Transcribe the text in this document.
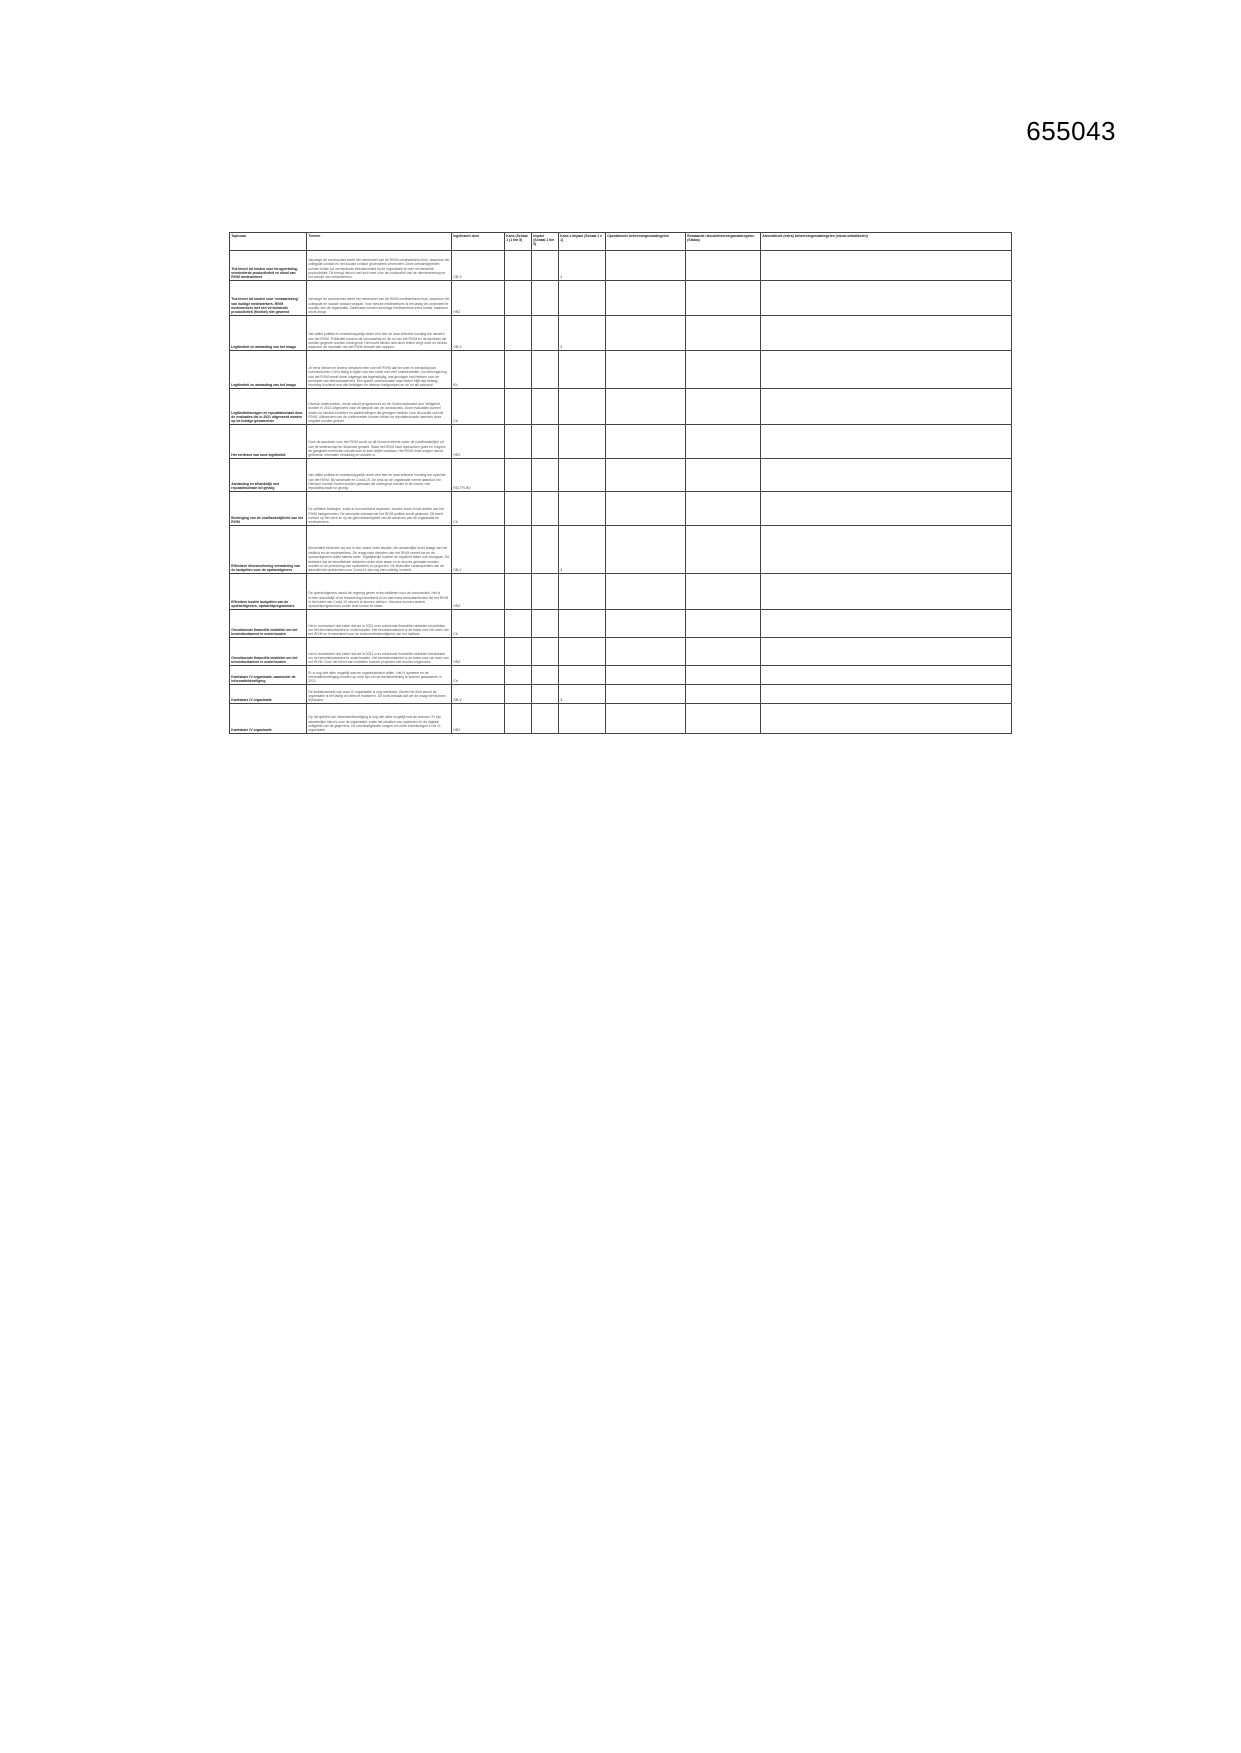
655043
Topicnaa	Termen	Ingebracht door	Kans (Schaal 1 (1 t/m 5)	Impact (Schaal 1 t/m 5)	Kans x Impact (Schaal 1 x 1)	Operationele beheersingsmaatregelen	Bestaande risicobeheersingsmaatregelen (Status)	Aanvullende (extra) beheersingsmaatregelen (nieuw ontwikkelen)
Tha teveel tot kosten voor terugvertaling, verminderde productiviteit en uitval van RIVM medewerkers	Vanwege de coronacrisis werkt het merendeel van de RIVM-medewerkers thuis, waardoor het collegiale contact en het sociale contact grotendeels vermindert. Deze omstandigheden kunnen leiden tot verminderde betrokkenheid bij de organisatie en een verminderde productiviteit. Dit brengt risico's met zich mee voor de continuïteit van de dienstverlening en het welzijn van medewerkers.	GB-V			4			
Tha teveel tot kosten voor 'verwaarlozing' van huidige medewerkers, RIVM medewerkers met een verminderde productiviteit (flexibel) niet gewenst	Vanwege de coronacrisis werkt het merendeel van de RIVM-medewerkers thuis, waardoor het collegiale en sociale contact wegvalt. Voor nieuwe medewerkers is het lastig om onderdeel te worden van de organisatie. Daarnaast worden sommige medewerkers extra belast, waardoor uitval dreigt.	HRZ						
Legitimiteit en aantasting van het imago	Van attiké politiek en maatschappelijk onder een hier en daar kritische houding ten aanzien van het RIVM. Publiciteit rondom de coronacrisis en de rol van het RIVM en de adviezen die worden gegeven worden uitvergroot. Het hoofd bieden aan deze kritiek vergt inzet en kennis, waardoor de reputatie van het RIVM schade kan oplopen.	GB-V			3			
Legitimiteit en aantasting van het imago	Je eens hierom en tevens verwacht men van het RIVM dat het snel en eenduidig kan communiceren. Dit is lastig in tijden van een crisis met veel onzekerheden. De berichtgeving van het RIVM wordt soms uitgelegd als tegenstrijdig, wat gevolgen kan hebben voor de perceptie van betrouwbaarheid. Een goede communicatie naar buiten blijft van belang, rekening houdend met alle belangen en diverse doelgroepen en de rol als adviseur.	BV						
Legitimiteitsvragen en reputatieschade door de evaluaties die in 2021 uitgevoerd worden op de huidige gevaarcrisis	Diverse onderzoeken, mede vanuit programma's en de Onderzoeksraad voor Veiligheid, worden in 2021 uitgevoerd naar de aanpak van de coronacrisis. Deze evaluaties kunnen leiden tot nieuwe inzichten en aanbevelingen die gevolgen hebben voor de positie van het RIVM. Uitkomsten van de onderzoeken kunnen leiden tot reputatieschade wanneer deze negatief worden geduid.	Cb						
Het verliezen van onze legitimiteit	Door de aandacht voor het RIVM wordt op dit moment steeds vaker de (onafhankelijke) rol van de wetenschap ter discussie gesteld. Waar het RIVM haar opdrachten goed en volgens de gangbare methoden uitvoert kan er toch twijfel ontstaan. Het RIVM moet zorgen dat de geleverde informatie eenduidig en actueel is.	HRZ						
Aantasting en afhankelijk met reputatieschade tot gevolg	Van attiké politiek en maatschappelijk onder een hier en daar kritische houding ten opzichte van het RIVM. Bij vaccinatie en Covid-19. De druk op de organisatie neemt daardoor toe. Hierdoor kunnen fouten worden gemaakt die uitvergroot worden in de media, met reputatieschade tot gevolg.	RIZ-TFI-BV						
Bedreiging van de onafhankelijkheid van het RIVM	De politieke belangen, zoals in economische aspecten, worden soms in het advies van het RIVM meegenomen. De perceptie ontstaat dat het RIVM politiek wordt gestuurd. Dit heeft invloed op het werk en op de geloofwaardigheid van de adviezen van de organisatie en medewerkers.	Cb						
Effectieve dienstverlening verwatering van de budgetten voor de opdrachtgevers	Momenteel bevinden wij ons in een zware crisis situatie, die aanzienlijke inzet vraagt van het instituut en de medewerkers. De vraag naar diensten van het RIVM neemt toe en de opdrachtgevers willen steeds meer. Tegelijkertijd moeten de reguliere taken ook doorgaan. Dit betekent dat de beschikbare middelen onder druk staan en er keuzes gemaakt moeten worden in de prioritering van opdrachten en projecten. De financiële consequenties van de aanvullende opdrachten voor Covid-19 zijn nog niet volledig in beeld.	GB-V			3			
Effectieve kosten budgetten van de opdrachtgevers, opdrachtprogramma's	De opdrachtgevers vanuit de regering geven extra middelen voor de coronacrisis. Het is echter onduidelijk of de financiering toereikend is om alle extra werkzaamheden die het RIVM in het kader van Covid-19 uitvoert te kunnen dekken. Hierdoor kunnen andere opdrachtprogramma's onder druk komen te staan.	HRZ						
Onvoldoende financiële middelen om het kennisfundament te onderhouden	Het is momenteel niet zeker dat we in 2021 over voldoende financiële middelen beschikken om het kennisfundament te onderhouden. Het kennisfundament is de basis voor het werk van het RIVM en is essentieel voor de toekomstbestendigheid van het instituut.	Cb						
Onvoldoende financiële middelen om het kennisfundament te onderhouden	Het is momenteel niet zeker dat we in 2021 over voldoende financiële middelen beschikken om het kennisfundament te onderhouden. Het kennisfundament is de basis voor het werk van het RIVM. Door het tekort aan middelen kunnen projecten niet worden uitgevoerd.	HRZ						
Kwetsbare IV organisatie, waaronder de informatiebeveiliging	Er is nog niet alles mogelijk wat we organisatorisch willen. Het IV-systeem en de informatiebeveiliging moeten op orde zijn om de dienstverlening te kunnen garanderen in 2021.	Cb						
Kwetsbare IV organisatie	De kwetsbaarheid van onze IV organisatie is nog merkbaar. Gezien de druk vanuit de organisatie is het lastig om alles te realiseren. De kans bestaat dat we de vraag niet kunnen bijhouden.	GB-V			3			
Kwetsbare IV organisatie	Op het gebied van informatiebeveiliging is nog niet alles mogelijk wat we wensen. Er zijn aanzienlijke risico's voor de organisatie, zoals het uitvallen van systemen en de digitale veiligheid van de gegevens. De omstandigheden vragen om extra investeringen in de IV-organisatie.	HRZ						
